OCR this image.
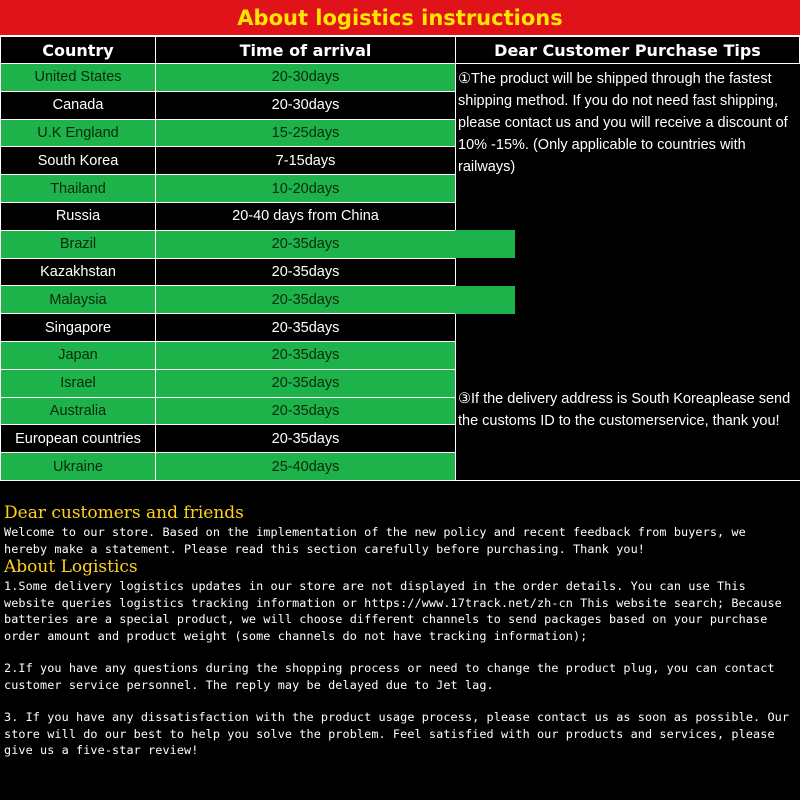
About logistics instructions
Country	Time of arrival
United States	20-30days
Canada	20-30days
U.K England	15-25days
South Korea	7-15days
Thailand	10-20days
Russia	20-40 days from China
Brazil	20-35days
Kazakhstan	20-35days
Malaysia	20-35days
Singapore	20-35days
Japan	20-35days
Israel	20-35days
Australia	20-35days
European countries	20-35days
Ukraine	25-40days
Dear Customer Purchase Tips
①The product will be shipped through the fastest shipping method. If you do not need fast shipping, please contact us and you will receive a discount of 10% -15%. (Only applicable to countries with railways)
③If the delivery address is South Koreaplease send the customs ID to the customerservice, thank you!
Dear customers and friends
Welcome to our store. Based on the implementation of the new policy and recent feedback from buyers, we hereby make a statement. Please read this section carefully before purchasing. Thank you!
About Logistics
1.Some delivery logistics updates in our store are not displayed in the order details. You can use This website queries logistics tracking information or https://www.17track.net/zh-cn This website search; Because batteries are a special product, we will choose different channels to send packages based on your purchase order amount and product weight (some channels do not have tracking information);
2.If you have any questions during the shopping process or need to change the product plug, you can contact customer service personnel. The reply may be delayed due to Jet lag.
3. If you have any dissatisfaction with the product usage process, please contact us as soon as possible. Our store will do our best to help you solve the problem. Feel satisfied with our products and services, please give us a five-star review!
